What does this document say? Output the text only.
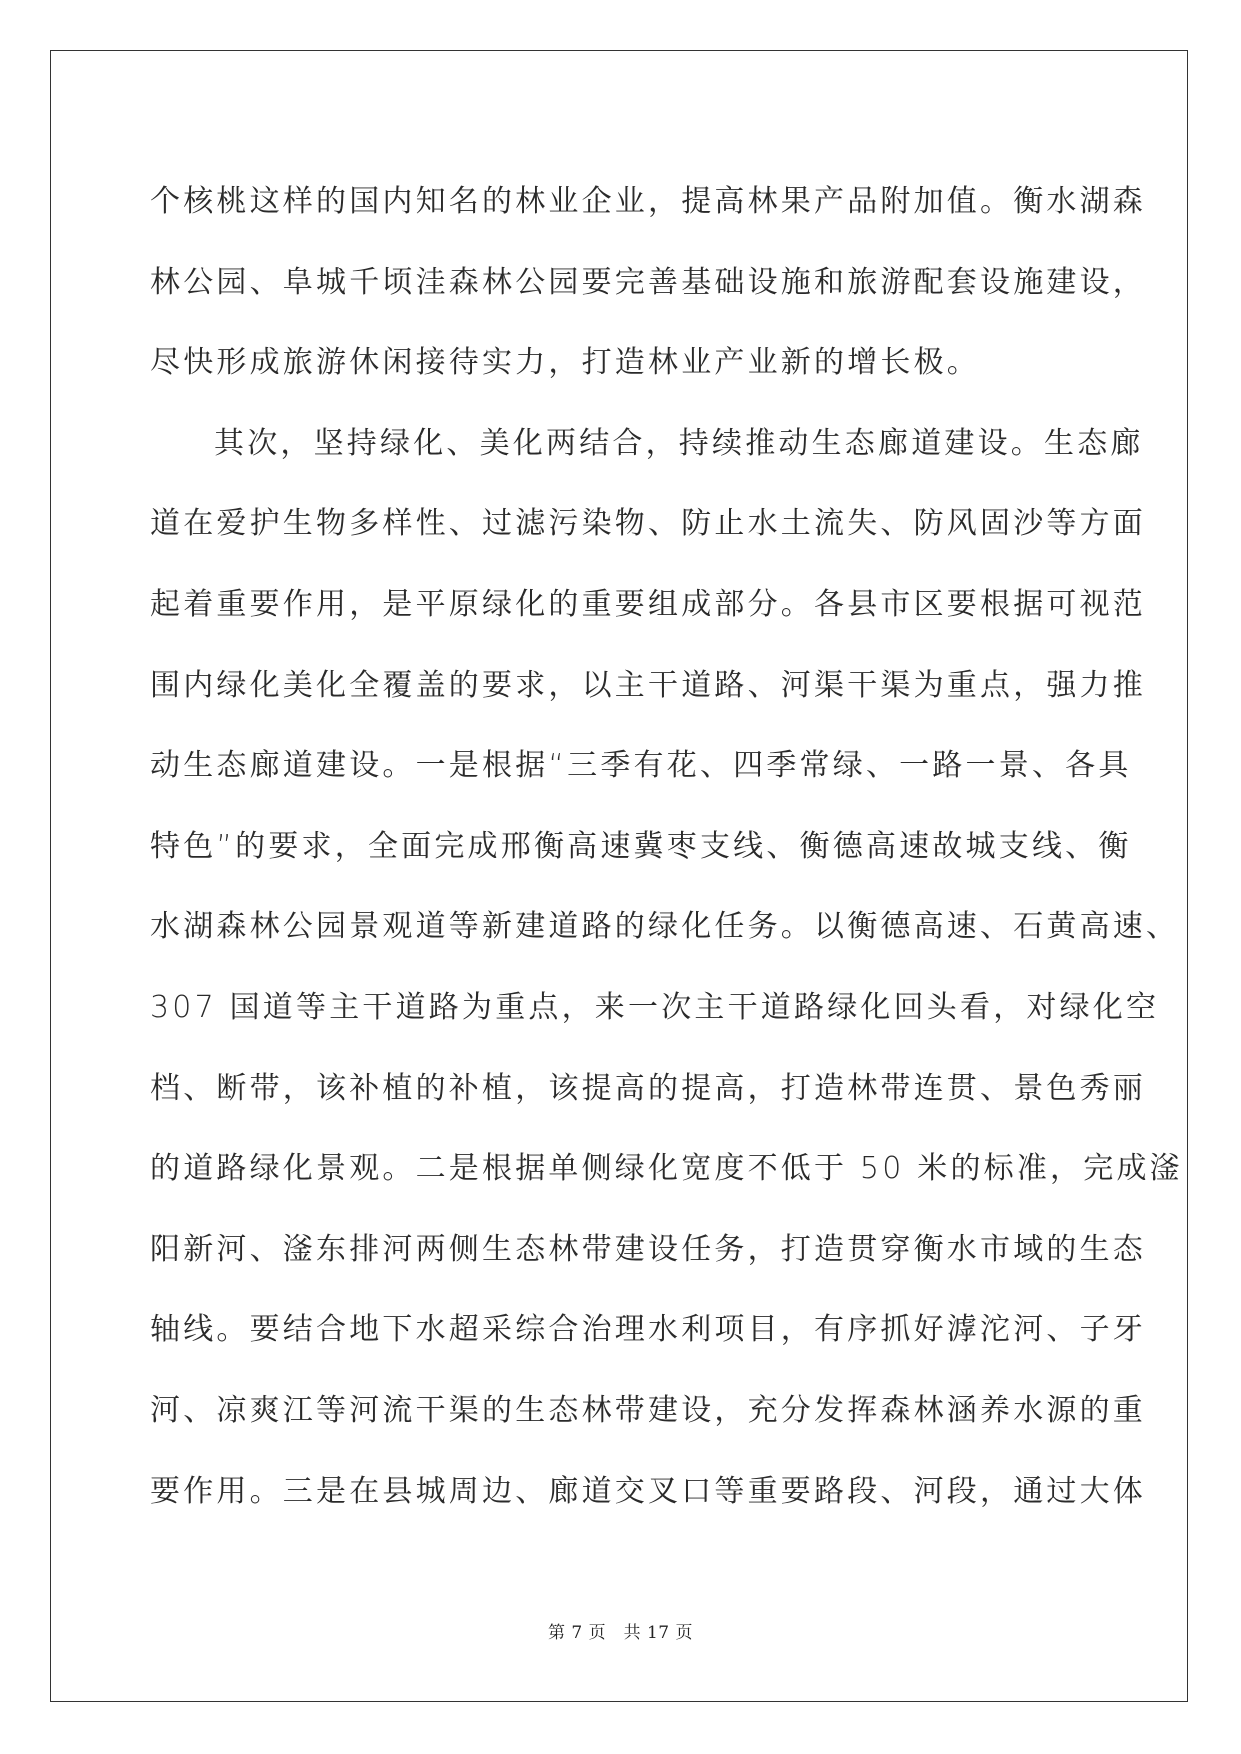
个核桃这样的国内知名的林业企业，提高林果产品附加值。衡水湖森
林公园、阜城千顷洼森林公园要完善基础设施和旅游配套设施建设，
尽快形成旅游休闲接待实力，打造林业产业新的增长极。
其次，坚持绿化、美化两结合，持续推动生态廊道建设。生态廊
道在爱护生物多样性、过滤污染物、防止水土流失、防风固沙等方面
起着重要作用，是平原绿化的重要组成部分。各县市区要根据可视范
围内绿化美化全覆盖的要求，以主干道路、河渠干渠为重点，强力推
动生态廊道建设。一是根据“三季有花、四季常绿、一路一景、各具
特色”的要求，全面完成邢衡高速冀枣支线、衡德高速故城支线、衡
水湖森林公园景观道等新建道路的绿化任务。以衡德高速、石黄高速、
307 国道等主干道路为重点，来一次主干道路绿化回头看，对绿化空
档、断带，该补植的补植，该提高的提高，打造林带连贯、景色秀丽
的道路绿化景观。二是根据单侧绿化宽度不低于 50 米的标准，完成滏
阳新河、滏东排河两侧生态林带建设任务，打造贯穿衡水市域的生态
轴线。要结合地下水超采综合治理水利项目，有序抓好滹沱河、子牙
河、凉爽江等河流干渠的生态林带建设，充分发挥森林涵养水源的重
要作用。三是在县城周边、廊道交叉口等重要路段、河段，通过大体
第 7 页　共 17 页
